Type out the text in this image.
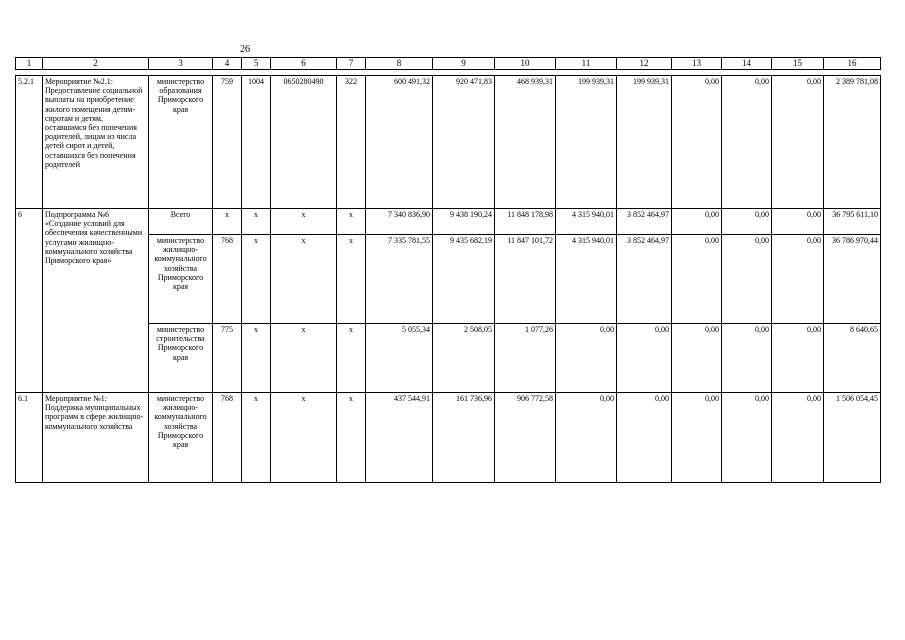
26
1	2	3	4	5	6	7	8	9	10	11	12	13	14	15	16

5.2.1	Мероприятие №2.1: Предоставление социальной выплаты на приобретение жилого помещения детям-сиротам и детям, оставшимся без попечения родителей, лицам из числа детей сирот и детей, оставшихся без попечения родителей	министерство образования Приморского края	759	1004	0650280490	322	600 491,32	920 471,83	468 939,31	199 939,31	199 939,31	0,00	0,00	0,00	2 389 781,08
6	Подпрограмма №6 «Создание условий для обеспечения качественными услугами жилищно-коммунального хозяйства Приморского края»	Всего	x	x	x	x	7 340 836,90	9 438 190,24	11 848 178,98	4 315 940,01	3 852 464,97	0,00	0,00	0,00	36 795 611,10
		министерство жилищно-коммунального хозяйства Приморского края	768	x	x	x	7 335 781,55	9 435 682,19	11 847 101,72	4 315 940,01	3 852 464,97	0,00	0,00	0,00	36 786 970,44
		министерство строительства Приморского края	775	x	x	x	5 055,34	2 508,05	1 077,26	0,00	0,00	0,00	0,00	0,00	8 640,65
6.1	Мероприятие №1: Поддержка муниципальных программ в сфере жилищно-коммунального хозяйства	министерство жилищно-коммунального хозяйства Приморского края	768	x	x	x	437 544,91	161 736,96	906 772,58	0,00	0,00	0,00	0,00	0,00	1 506 054,45
